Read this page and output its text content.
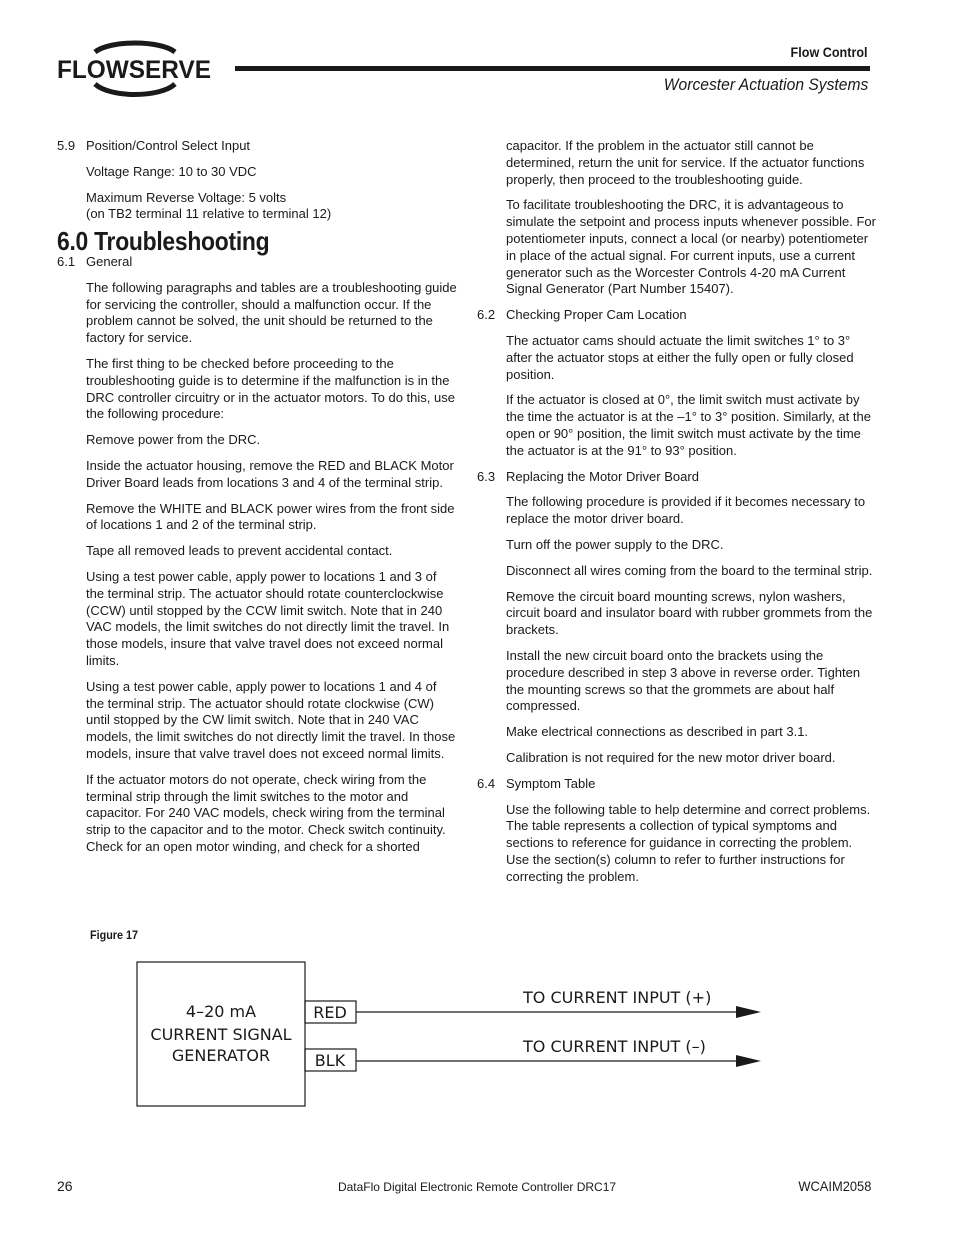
FLOWSERVE
Flow Control
Worcester Actuation Systems
5.9 Position/Control Select Input
Voltage Range: 10 to 30 VDC
Maximum Reverse Voltage: 5 volts
(on TB2 terminal 11 relative to terminal 12)
6.0 Troubleshooting
6.1 General
The following paragraphs and tables are a troubleshooting guide for servicing the controller, should a malfunction occur. If the problem cannot be solved, the unit should be returned to the factory for service.
The first thing to be checked before proceeding to the troubleshooting guide is to determine if the malfunction is in the DRC controller circuitry or in the actuator motors. To do this, use the following procedure:
Remove power from the DRC.
Inside the actuator housing, remove the RED and BLACK Motor Driver Board leads from locations 3 and 4 of the terminal strip.
Remove the WHITE and BLACK power wires from the front side of locations 1 and 2 of the terminal strip.
Tape all removed leads to prevent accidental contact.
Using a test power cable, apply power to locations 1 and 3 of the terminal strip. The actuator should rotate counterclockwise (CCW) until stopped by the CCW limit switch. Note that in 240 VAC models, the limit switches do not directly limit the travel. In those models, insure that valve travel does not exceed normal limits.
Using a test power cable, apply power to locations 1 and 4 of the terminal strip. The actuator should rotate clockwise (CW) until stopped by the CW limit switch. Note that in 240 VAC models, the limit switches do not directly limit the travel. In those models, insure that valve travel does not exceed normal limits.
If the actuator motors do not operate, check wiring from the terminal strip through the limit switches to the motor and capacitor. For 240 VAC models, check wiring from the terminal strip to the capacitor and to the motor. Check switch continuity. Check for an open motor winding, and check for a shorted
capacitor. If the problem in the actuator still cannot be determined, return the unit for service. If the actuator functions properly, then proceed to the troubleshooting guide.
To facilitate troubleshooting the DRC, it is advantageous to simulate the setpoint and process inputs whenever possible. For potentiometer inputs, connect a local (or nearby) potentiometer in place of the actual signal. For current inputs, use a current generator such as the Worcester Controls 4-20 mA Current Signal Generator (Part Number 15407).
6.2 Checking Proper Cam Location
The actuator cams should actuate the limit switches 1° to 3° after the actuator stops at either the fully open or fully closed position.
If the actuator is closed at 0°, the limit switch must activate by the time the actuator is at the –1° to 3° position. Similarly, at the open or 90° position, the limit switch must activate by the time the actuator is at the 91° to 93° position.
6.3 Replacing the Motor Driver Board
The following procedure is provided if it becomes necessary to replace the motor driver board.
Turn off the power supply to the DRC.
Disconnect all wires coming from the board to the terminal strip.
Remove the circuit board mounting screws, nylon washers, circuit board and insulator board with rubber grommets from the brackets.
Install the new circuit board onto the brackets using the procedure described in step 3 above in reverse order. Tighten the mounting screws so that the grommets are about half compressed.
Make electrical connections as described in part 3.1.
Calibration is not required for the new motor driver board.
6.4 Symptom Table
Use the following table to help determine and correct problems. The table represents a collection of typical symptoms and sections to reference for guidance in correcting the problem. Use the section(s) column to refer to further instructions for correcting the problem.
Figure 17
4–20 mA
CURRENT SIGNAL
GENERATOR
RED
BLK
TO CURRENT INPUT (+)
TO CURRENT INPUT (–)
26	DataFlo Digital Electronic Remote Controller DRC17	WCAIM2058
